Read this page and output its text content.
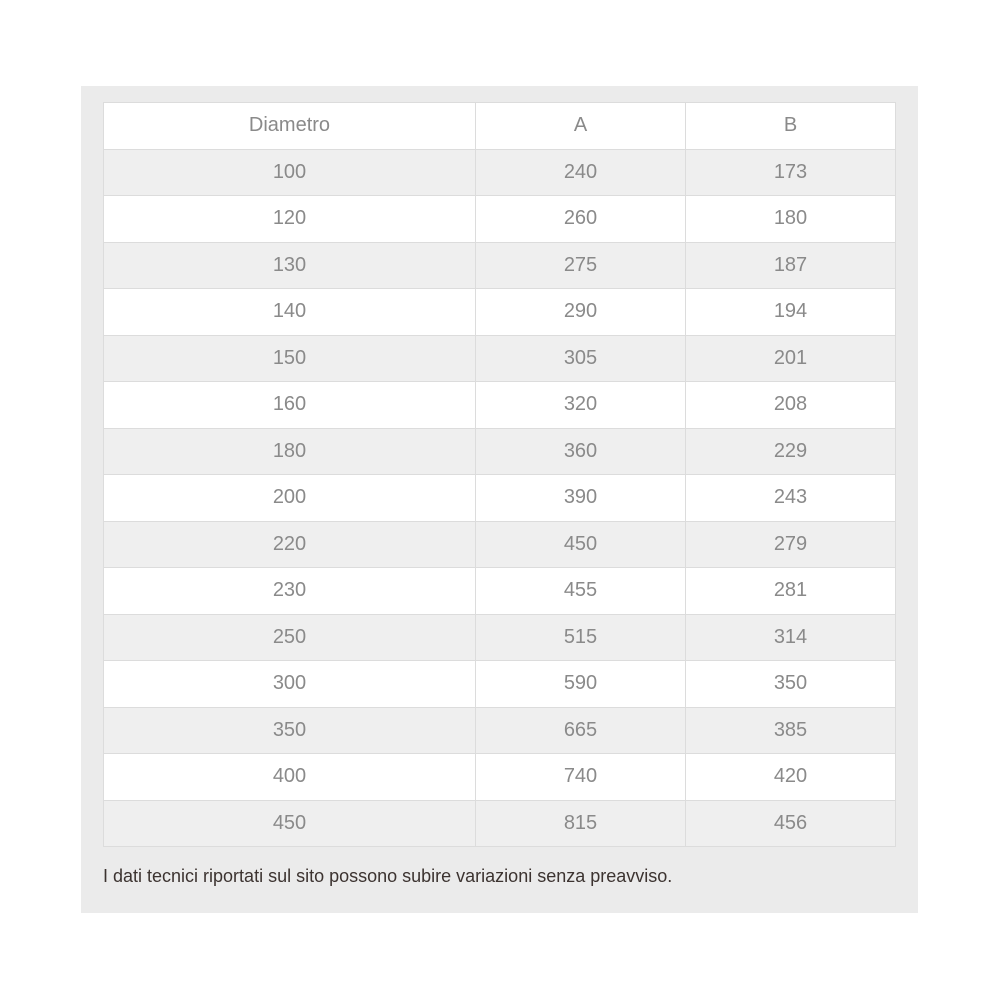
Diametro	A	B
100	240	173
120	260	180
130	275	187
140	290	194
150	305	201
160	320	208
180	360	229
200	390	243
220	450	279
230	455	281
250	515	314
300	590	350
350	665	385
400	740	420
450	815	456

I dati tecnici riportati sul sito possono subire variazioni senza preavviso.
